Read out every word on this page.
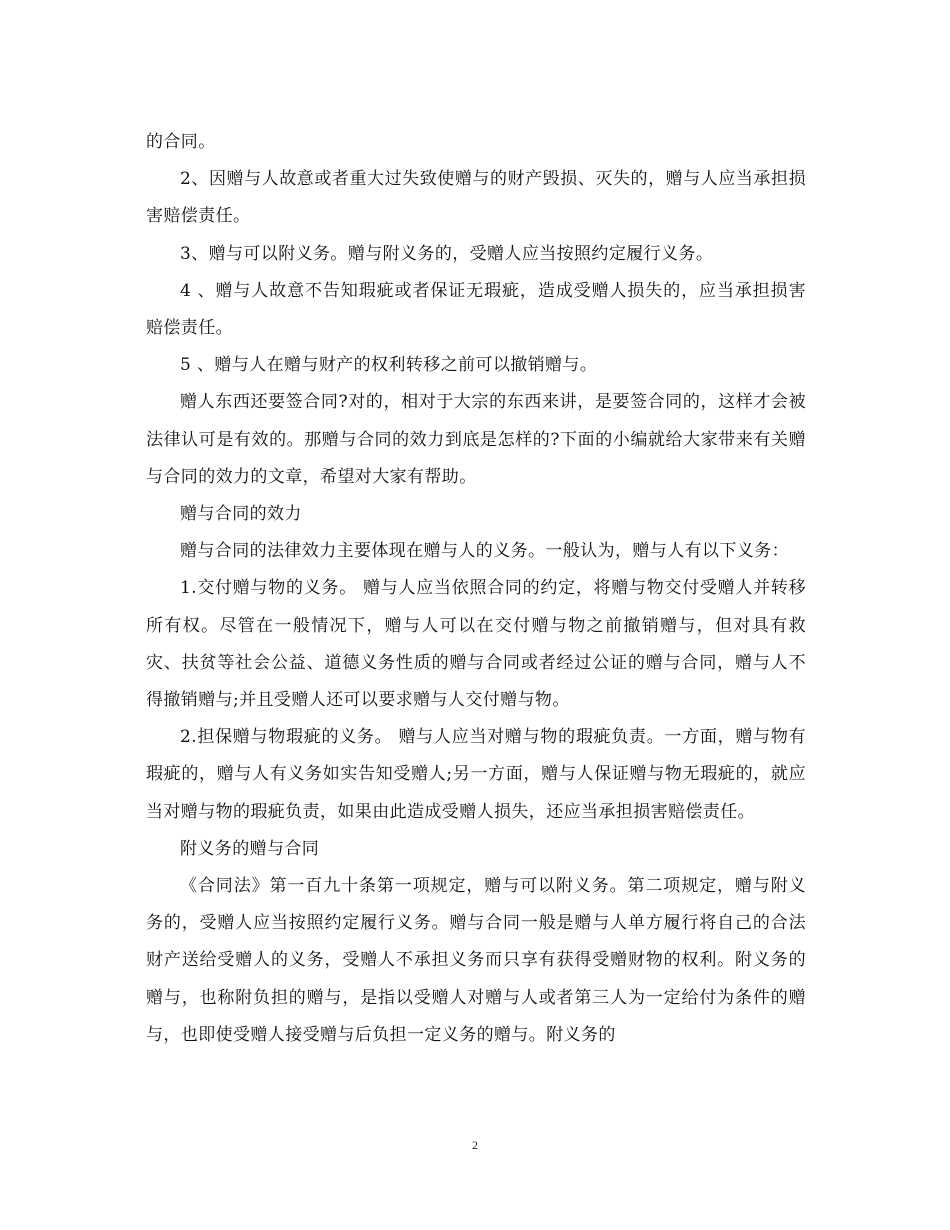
的合同。

2、因赠与人故意或者重大过失致使赠与的财产毁损、灭失的，赠与人应当承担损害赔偿责任。

3、赠与可以附义务。赠与附义务的，受赠人应当按照约定履行义务。

4 、赠与人故意不告知瑕疵或者保证无瑕疵，造成受赠人损失的，应当承担损害赔偿责任。

5 、赠与人在赠与财产的权利转移之前可以撤销赠与。

赠人东西还要签合同?对的，相对于大宗的东西来讲，是要签合同的，这样才会被法律认可是有效的。那赠与合同的效力到底是怎样的?下面的小编就给大家带来有关赠与合同的效力的文章，希望对大家有帮助。

赠与合同的效力

赠与合同的法律效力主要体现在赠与人的义务。一般认为，赠与人有以下义务：

1.交付赠与物的义务。 赠与人应当依照合同的约定，将赠与物交付受赠人并转移所有权。尽管在一般情况下，赠与人可以在交付赠与物之前撤销赠与，但对具有救灾、扶贫等社会公益、道德义务性质的赠与合同或者经过公证的赠与合同，赠与人不得撤销赠与;并且受赠人还可以要求赠与人交付赠与物。

2.担保赠与物瑕疵的义务。 赠与人应当对赠与物的瑕疵负责。一方面，赠与物有瑕疵的，赠与人有义务如实告知受赠人;另一方面，赠与人保证赠与物无瑕疵的，就应当对赠与物的瑕疵负责，如果由此造成受赠人损失，还应当承担损害赔偿责任。

附义务的赠与合同

《合同法》第一百九十条第一项规定，赠与可以附义务。第二项规定，赠与附义务的，受赠人应当按照约定履行义务。赠与合同一般是赠与人单方履行将自己的合法财产送给受赠人的义务，受赠人不承担义务而只享有获得受赠财物的权利。附义务的赠与，也称附负担的赠与，是指以受赠人对赠与人或者第三人为一定给付为条件的赠与，也即使受赠人接受赠与后负担一定义务的赠与。附义务的

2
